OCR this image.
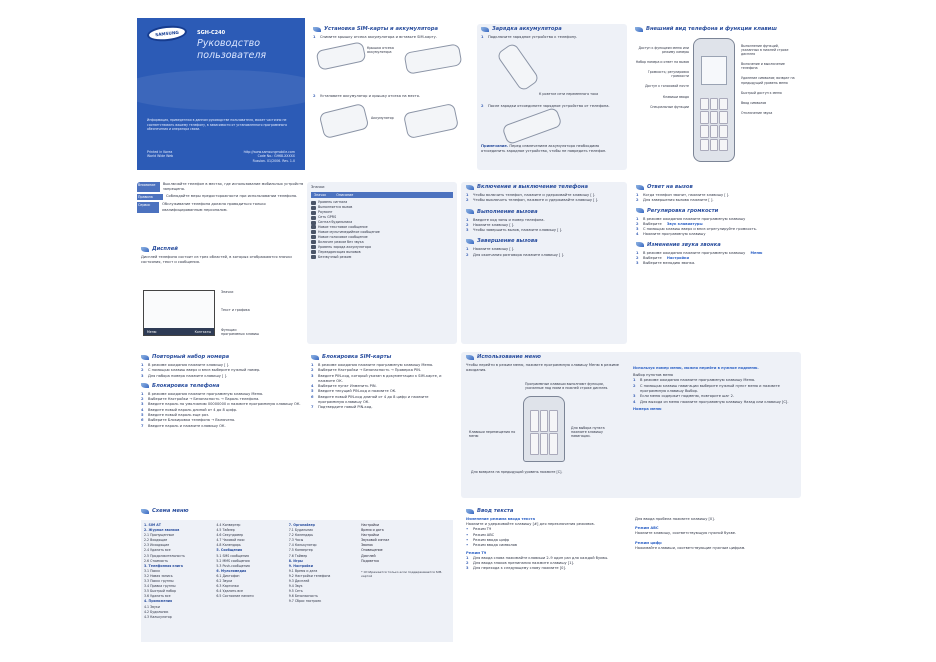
SAMSUNG	SGH-C240
Руководство
пользователя
Информация, приведенная в данном руководстве пользователя, может частично не соответствовать вашему телефону, в зависимости от установленного программного обеспечения и оператора связи.
Printed in Korea
World Wide Web
http://www.samsungmobile.com
Code No.: GH68-XXXXX
Russian. 01/2006. Rev. 1.0
Установка SIM-карты и аккумулятора
1	Снимите крышку отсека аккумулятора и вставьте SIM-карту.
Крышка отсека аккумулятора
2	Установите аккумулятор и крышку отсека на место.
Аккумулятор
Зарядка аккумулятора
1	Подключите зарядное устройство к телефону.
К розетке сети переменного тока
2	После зарядки отсоедините зарядное устройство от телефона.
Примечание. Перед извлечением аккумулятора необходимо отсоединить зарядное устройство, чтобы не повредить телефон.
Внешний вид телефона и функции клавиш
Доступ к функциям меню или режиму камеры
Набор номера и ответ на вызов
Громкость; регулировка громкости
Доступ к голосовой почте
Клавиши ввода
Специальные функции
Выполнение функций, указанных в нижней строке дисплея
Включение и выключение телефона
Удаление символов; возврат на предыдущий уровень меню
Быстрый доступ к меню
Ввод символов
Отключение звука
Внимание	Выключайте телефон в местах, где использование мобильных устройств запрещено.
Правила	Соблюдайте меры предосторожности при использовании телефона.
Сервис	Обслуживание телефона должно проводиться только квалифицированным персоналом.
Дисплей
Дисплей телефона состоит из трех областей, в которых отображаются значки состояния, текст и сообщения.
Меню	Контакты
Значки
Текст и графика
Функции программных клавиш
Значки
Значок	Описание
Уровень сигнала
Выполняется вызов
Роуминг
Сеть GPRS
Сигнал будильника
Новое текстовое сообщение
Новое мультимедийное сообщение
Новое голосовое сообщение
Включен режим без звука
Уровень заряда аккумулятора
Переадресация вызовов
Беззвучный режим
Включение и выключение телефона
1	Чтобы включить телефон, нажмите и удерживайте клавишу [ ].
2	Чтобы выключить телефон, нажмите и удерживайте клавишу [ ].
Выполнение вызова
1	Введите код зоны и номер телефона.
2	Нажмите клавишу [ ].
3	Чтобы завершить вызов, нажмите клавишу [ ].
Завершение вызова
1	Нажмите клавишу [ ].
2	Для окончания разговора нажмите клавишу [ ].
Ответ на вызов
1	Когда телефон звонит, нажмите клавишу [ ].
2	Для завершения вызова нажмите [ ].
Регулировка громкости
1	В режиме ожидания нажмите программную клавишу
2	Выберите
Звук клавиатуры
3	С помощью клавиш вверх и вниз отрегулируйте громкость.
4	Нажмите программную клавишу
Изменение звука звонка
1	В режиме ожидания нажмите программную клавишу
Меню
2	Выберите
Настройки
3	Выберите мелодию звонка.
Повторный набор номера
1	В режиме ожидания нажмите клавишу [ ].
2	С помощью клавиш вверх и вниз выберите нужный номер.
3	Для набора номера нажмите клавишу [ ].
Блокировка телефона
1	В режиме ожидания нажмите программную клавишу Меню.
2	Выберите Настройки → Безопасность → Пароль телефона.
3	Введите пароль по умолчанию 00000000 и нажмите программную клавишу ОК.
4	Введите новый пароль длиной от 4 до 8 цифр.
5	Введите новый пароль еще раз.
6	Выберите Блокировка телефона → Включено.
7	Введите пароль и нажмите клавишу ОК.
Блокировка SIM-карты
1	В режиме ожидания нажмите программную клавишу Меню.
2	Выберите Настройки → Безопасность → Проверка PIN.
3	Введите PIN-код, который указан в документации к SIM-карте, и нажмите ОК.
4	Выберите пункт Изменить PIN.
5	Введите текущий PIN-код и нажмите ОК.
6	Введите новый PIN-код длиной от 4 до 8 цифр и нажмите программную клавишу ОК.
7	Подтвердите новый PIN-код.
Использование меню
Чтобы перейти в режим меню, нажмите программную клавишу Меню в режиме ожидания.
Программные клавиши выполняют функции, указанные над ними в нижней строке дисплея.
Клавиши перемещения по меню
Для выбора пункта нажмите клавишу навигации.
Для возврата на предыдущий уровень нажмите [C].
Используя номер меню, можно перейти в нужное подменю.
Выбор пунктов меню
1	В режиме ожидания нажмите программную клавишу Меню.
2	С помощью клавиш навигации выберите нужный пункт меню и нажмите программную клавишу Выбор.
3	Если меню содержит подменю, повторите шаг 2.
4	Для выхода из меню нажмите программную клавишу Назад или клавишу [C].
Номера меню
Схема меню
1. SIM АТ
2. Журнал звонков
2.1 Пропущенные
2.2 Входящие
2.3 Исходящие
2.4 Удалить все
2.5 Продолжительность
2.6 Стоимость
3. Телефонная книга
3.1 Поиск
3.2 Новая запись
3.3 Поиск группы
3.4 Правка группы
3.5 Быстрый набор
3.6 Удалить все
4. Приложения
4.1 Звуки
4.2 Будильник
4.3 Калькулятор
4.4 Конвертер
4.5 Таймер
4.6 Секундомер
4.7 Часовой пояс
4.8 Календарь
5. Сообщения
5.1 SMS сообщения
5.2 MMS сообщения
5.3 Push-сообщения
6. Мультимедиа
6.1 Диктофон
6.2 Звуки
6.3 Картинки
6.4 Удалить все
6.5 Состояние памяти
7. Органайзер
7.1 Будильник
7.2 Календарь
7.3 Часы
7.4 Калькулятор
7.5 Конвертер
7.6 Таймер
8. Игры
9. Настройки
9.1 Время и дата
9.2 Настройки телефона
9.3 Дисплей
9.4 Звук
9.5 Сеть
9.6 Безопасность
9.7 Сброс настроек
Настройки
Время и дата
Настройки
Звуковой сигнал
Звонок
Оповещение
Дисплей
Подсветка
* Отображается только если поддерживается SIM-картой
Ввод текста
Изменение режима ввода текста
Нажмите и удерживайте клавишу [#] для переключения режимов.
•	Режим T9
•	Режим ABC
•	Режим ввода цифр
•	Режим ввода символов
Режим T9
1	Для ввода слова нажимайте клавиши 2–9 один раз для каждой буквы.
2	Для ввода знаков препинания нажмите клавишу [1].
3	Для перехода к следующему слову нажмите [0].
Для ввода пробела нажмите клавишу [0].
Режим ABC
Нажмите клавишу, соответствующую нужной букве.
Режим цифр
Нажимайте клавиши, соответствующие нужным цифрам.
